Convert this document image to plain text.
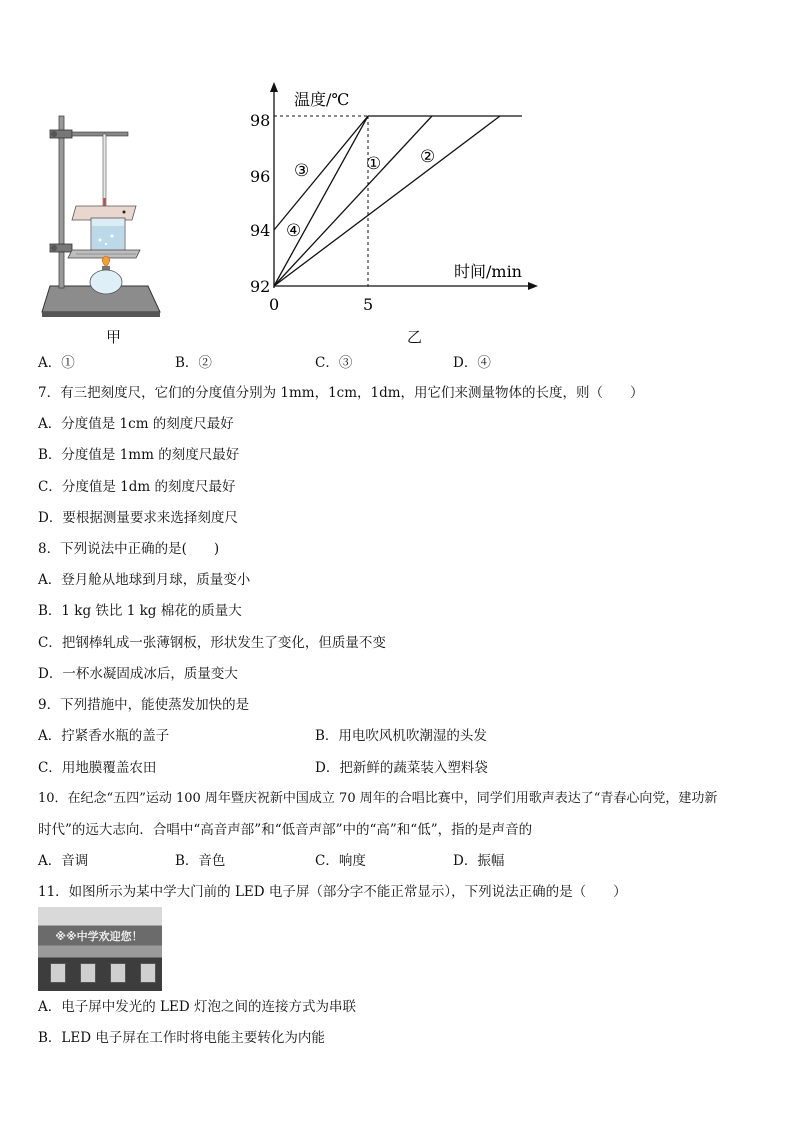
甲
温度/℃
时间/min
98
96
94
92
0	5
① ②
③
④
乙
A．①	B．②	C．③	D．④
7．有三把刻度尺，它们的分度值分别为 1mm，1cm，1dm，用它们来测量物体的长度，则（　　）
A．分度值是 1cm 的刻度尺最好
B．分度值是 1mm 的刻度尺最好
C．分度值是 1dm 的刻度尺最好
D．要根据测量要求来选择刻度尺
8．下列说法中正确的是(　　)
A．登月舱从地球到月球，质量变小
B．1 kg 铁比 1 kg 棉花的质量大
C．把钢棒轧成一张薄钢板，形状发生了变化，但质量不变
D．一杯水凝固成冰后，质量变大
9．下列措施中，能使蒸发加快的是
A．拧紧香水瓶的盖子	B．用电吹风机吹潮湿的头发
C．用地膜覆盖农田	D．把新鲜的蔬菜装入塑料袋
10．在纪念“五四”运动 100 周年暨庆祝新中国成立 70 周年的合唱比赛中，同学们用歌声表达了“青春心向党，建功新
时代”的远大志向．合唱中“高音声部”和“低音声部”中的“高”和“低”，指的是声音的
A．音调	B．音色	C．响度	D．振幅
11．如图所示为某中学大门前的 LED 电子屏（部分字不能正常显示），下列说法正确的是（　　）
※※中学欢迎您！
A．电子屏中发光的 LED 灯泡之间的连接方式为串联
B．LED 电子屏在工作时将电能主要转化为内能
